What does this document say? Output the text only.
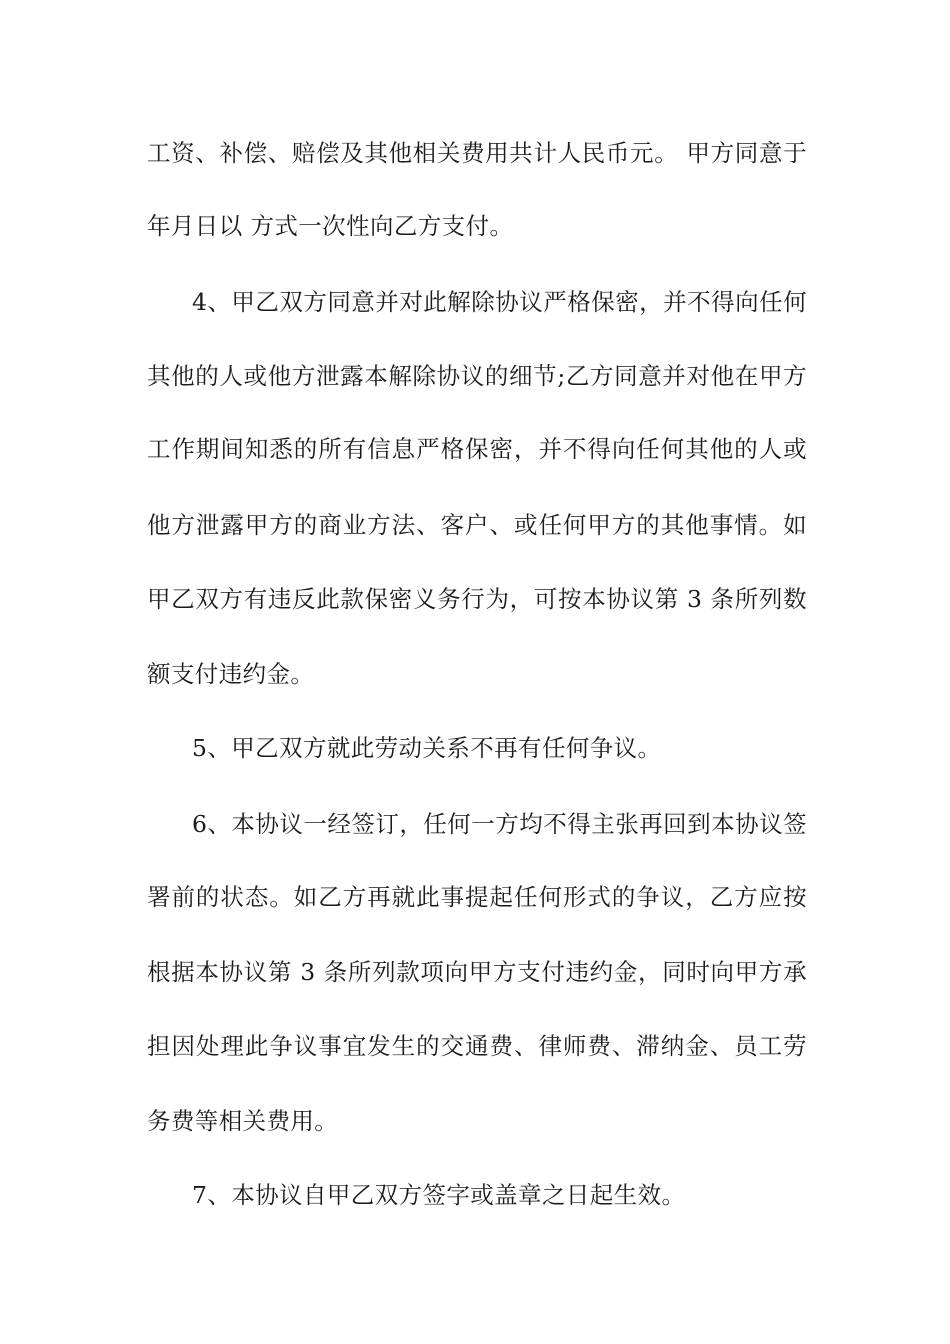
工资、补偿、赔偿及其他相关费用共计人民币元。 甲方同意于
年月日以 方式一次性向乙方支付。
4、甲乙双方同意并对此解除协议严格保密，并不得向任何
其他的人或他方泄露本解除协议的细节;乙方同意并对他在甲方
工作期间知悉的所有信息严格保密，并不得向任何其他的人或
他方泄露甲方的商业方法、客户、或任何甲方的其他事情。如
甲乙双方有违反此款保密义务行为，可按本协议第 3 条所列数
额支付违约金。
5、甲乙双方就此劳动关系不再有任何争议。
6、本协议一经签订，任何一方均不得主张再回到本协议签
署前的状态。如乙方再就此事提起任何形式的争议，乙方应按
根据本协议第 3 条所列款项向甲方支付违约金，同时向甲方承
担因处理此争议事宜发生的交通费、律师费、滞纳金、员工劳
务费等相关费用。
7、本协议自甲乙双方签字或盖章之日起生效。
